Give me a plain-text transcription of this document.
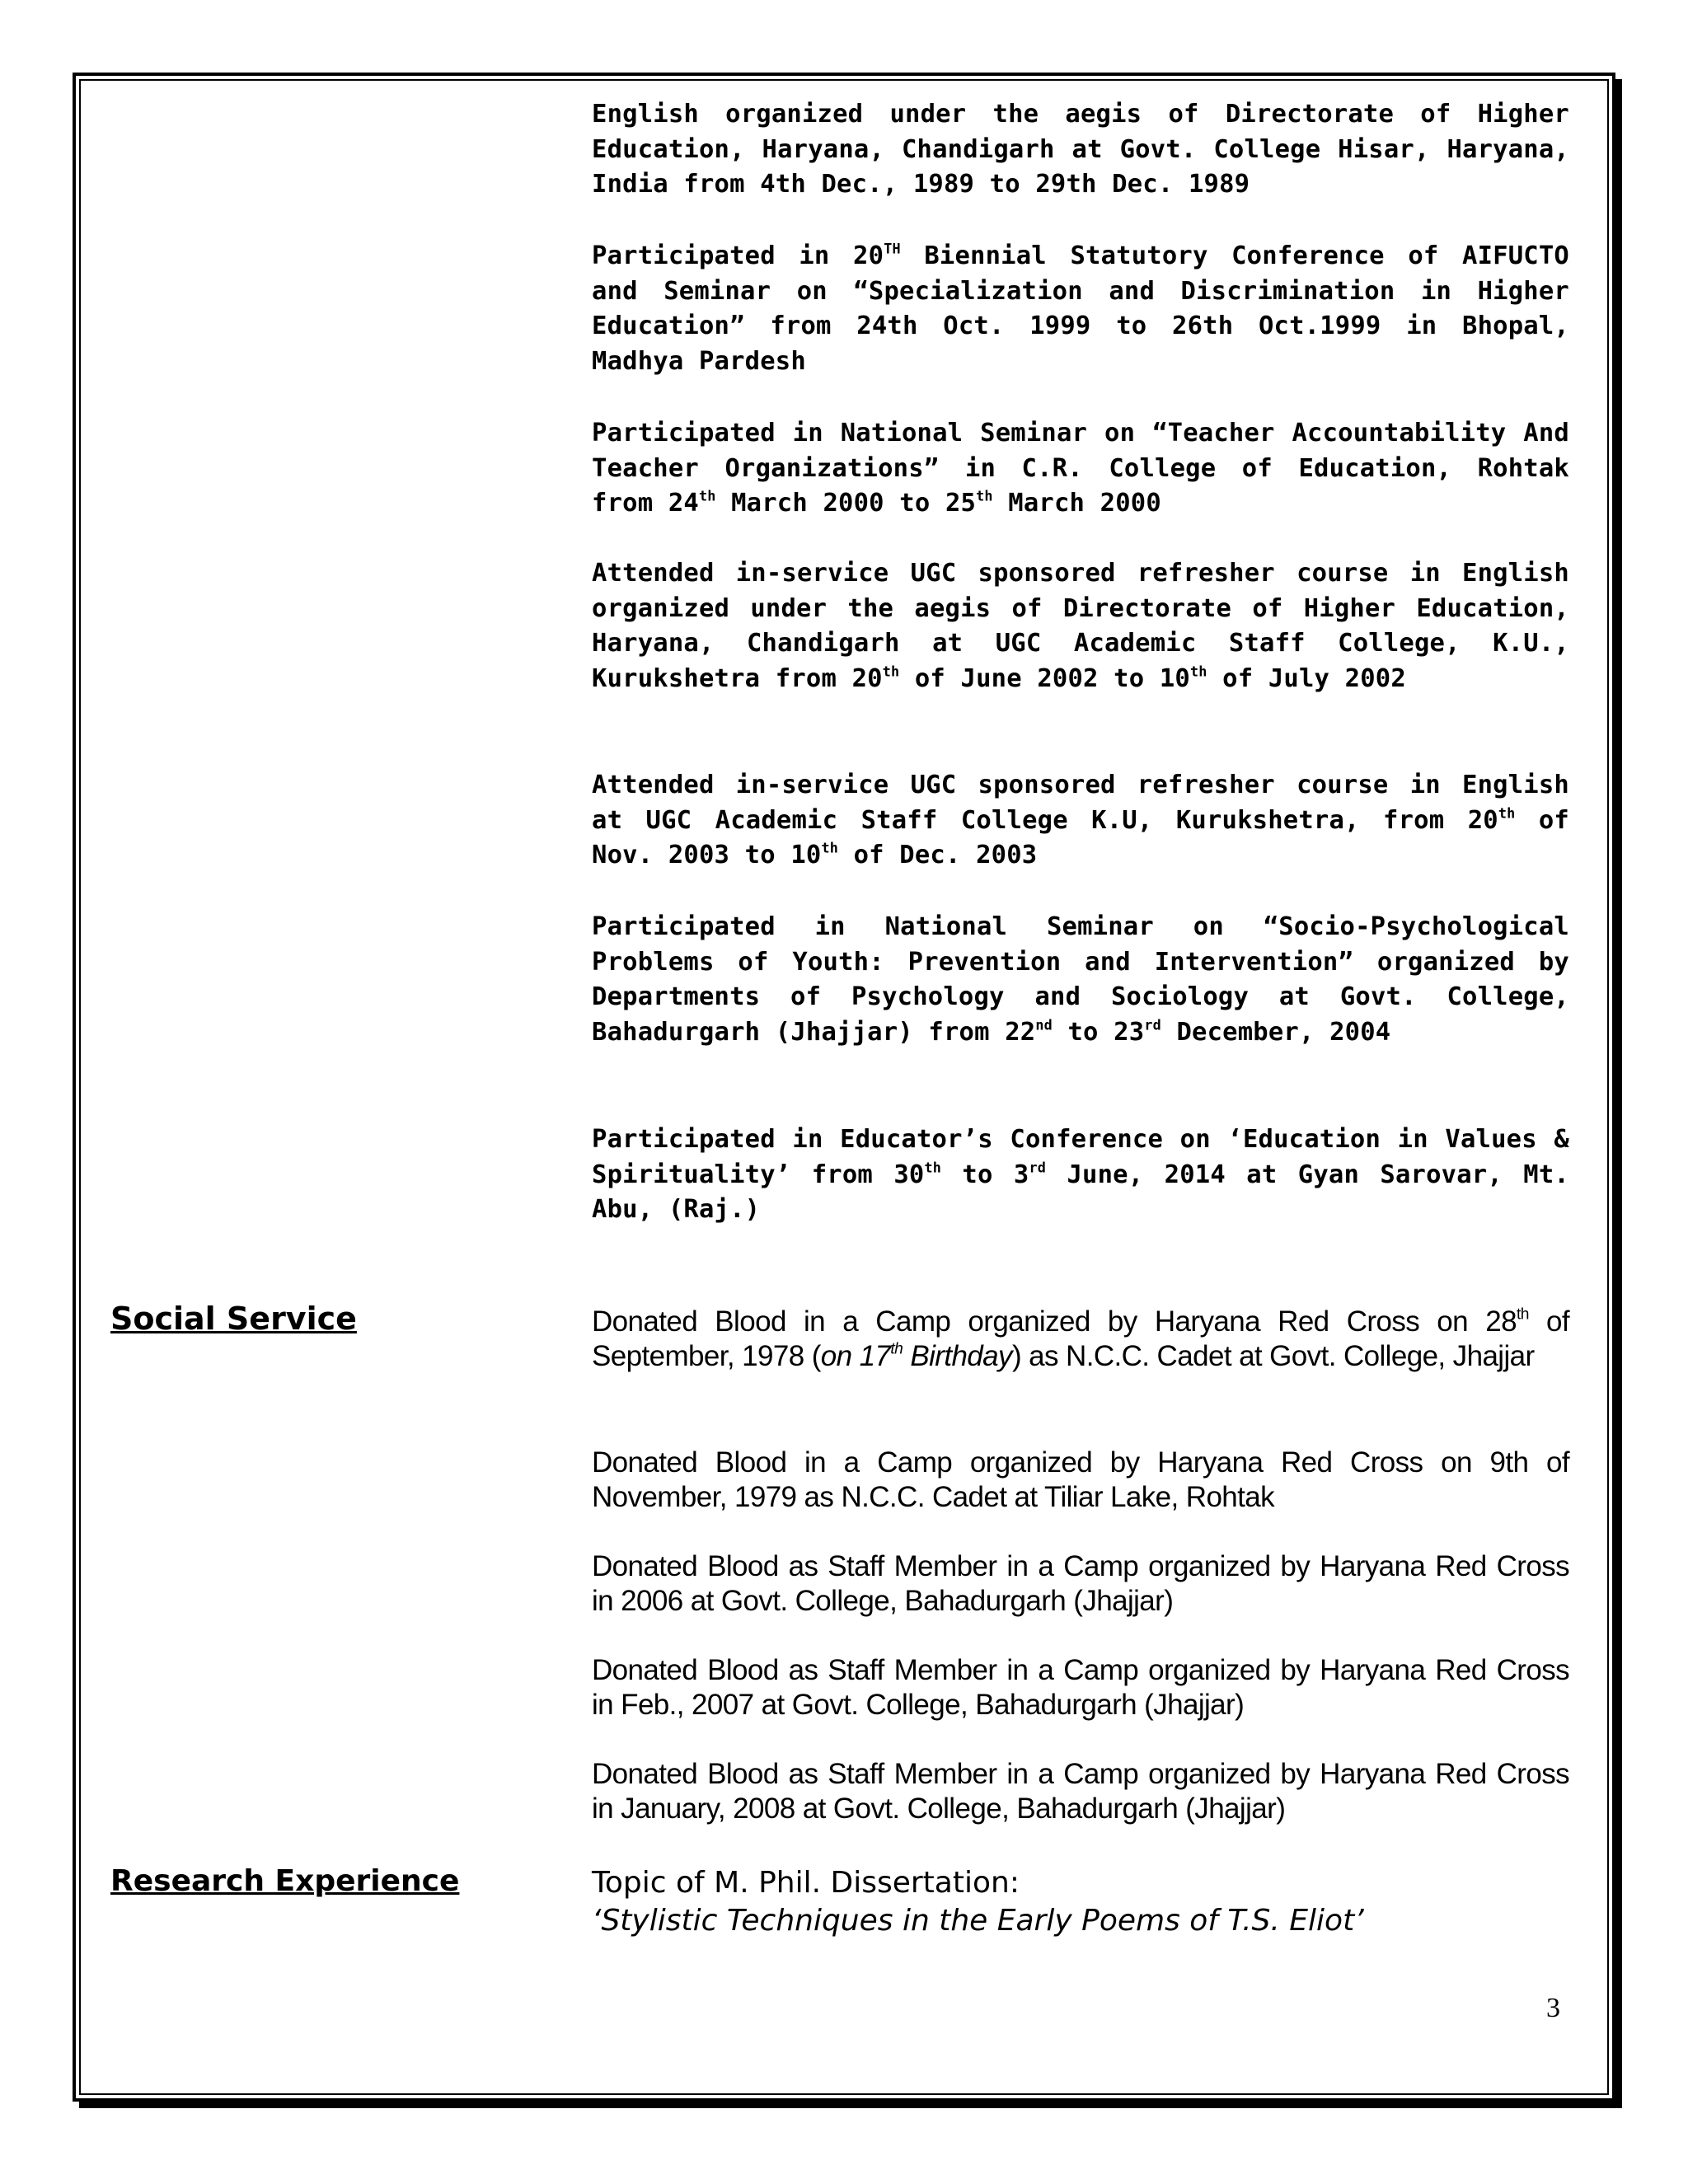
English organized under the aegis of Directorate of Higher Education, Haryana, Chandigarh at Govt. College Hisar, Haryana, India from 4th Dec., 1989 to 29th Dec. 1989
Participated in 20TH Biennial Statutory Conference of AIFUCTO and Seminar on “Specialization and Discrimination in Higher Education” from 24th Oct. 1999 to 26th Oct.1999 in Bhopal, Madhya Pardesh
Participated in National Seminar on “Teacher Accountability And Teacher Organizations” in C.R. College of Education, Rohtak from 24th March 2000 to 25th March 2000
Attended in-service UGC sponsored refresher course in English organized under the aegis of Directorate of Higher Education, Haryana, Chandigarh at UGC Academic Staff College, K.U., Kurukshetra from 20th of June 2002 to 10th of July 2002
Attended in-service UGC sponsored refresher course in English at UGC Academic Staff College K.U, Kurukshetra, from 20th of Nov. 2003 to 10th of Dec. 2003
Participated in National Seminar on “Socio-Psychological Problems of Youth: Prevention and Intervention” organized by Departments of Psychology and Sociology at Govt. College, Bahadurgarh (Jhajjar) from 22nd to 23rd December, 2004
Participated in Educator’s Conference on ‘Education in Values & Spirituality’ from 30th to 3rd June, 2014 at Gyan Sarovar, Mt. Abu, (Raj.)
Social Service	Donated Blood in a Camp organized by Haryana Red Cross on 28th of September, 1978 (on 17th Birthday) as N.C.C. Cadet at Govt. College, Jhajjar
Donated Blood in a Camp organized by Haryana Red Cross on 9th of November, 1979 as N.C.C. Cadet at Tiliar Lake, Rohtak
Donated Blood as Staff Member in a Camp organized by Haryana Red Cross in 2006 at Govt. College, Bahadurgarh (Jhajjar)
Donated Blood as Staff Member in a Camp organized by Haryana Red Cross in Feb., 2007 at Govt. College, Bahadurgarh (Jhajjar)
Donated Blood as Staff Member in a Camp organized by Haryana Red Cross in January, 2008 at Govt. College, Bahadurgarh (Jhajjar)
Research Experience	Topic of M. Phil. Dissertation:
‘Stylistic Techniques in the Early Poems of T.S. Eliot’
3
